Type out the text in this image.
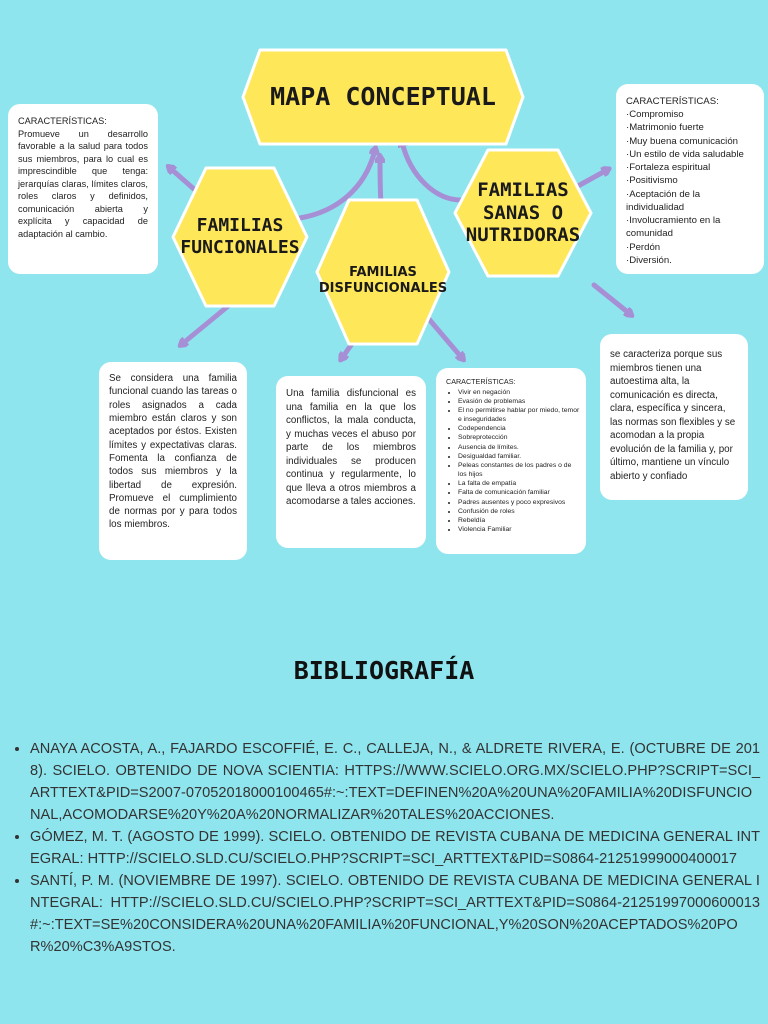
MAPA CONCEPTUAL
FAMILIAS
FUNCIONALES
FAMILIAS
SANAS O
NUTRIDORAS
FAMILIAS
DISFUNCIONALES
CARACTERÍSTICAS:
Promueve un desarrollo favorable a la salud para todos sus miembros, para lo cual es imprescindible que tenga: jerarquías claras, límites claros, roles claros y definidos, comunicación abierta y explícita y capacidad de adaptación al cambio.
CARACTERÍSTICAS:
·Compromiso
·Matrimonio fuerte
·Muy buena comunicación
·Un estilo de vida saludable
·Fortaleza espiritual
·Positivismo
·Aceptación de la individualidad
·Involucramiento en la comunidad
·Perdón
·Diversión.
Se considera una familia funcional cuando las tareas o roles asignados a cada miembro están claros y son aceptados por éstos. Existen límites y expectativas claras. Fomenta la confianza de todos sus miembros y la libertad de expresión. Promueve el cumplimiento de normas por y para todos los miembros.
Una familia disfuncional es una familia en la que los conflictos, la mala conducta, y muchas veces el abuso por parte de los miembros individuales se producen continua y regularmente, lo que lleva a otros miembros a acomodarse a tales acciones.
CARACTERÍSTICAS:
• Vivir en negación
• Evasión de problemas
• El no permitirse hablar por miedo, temor e inseguridades
• Codependencia
• Sobreprotección
• Ausencia de límites.
• Desigualdad familiar.
• Peleas constantes de los padres o de los hijos
• La falta de empatía
• Falta de comunicación familiar
• Padres ausentes y poco expresivos
• Confusión de roles
• Rebeldía
• Violencia Familiar
se caracteriza porque sus miembros tienen una autoestima alta, la comunicación es directa, clara, específica y sincera, las normas son flexibles y se acomodan a la propia evolución de la familia y, por último, mantiene un vínculo abierto y confiado
BIBLIOGRAFÍA
• ANAYA ACOSTA, A., FAJARDO ESCOFFIÉ, E. C., CALLEJA, N., & ALDRETE RIVERA, E. (OCTUBRE DE 2018). SCIELO. OBTENIDO DE NOVA SCIENTIA: HTTPS://WWW.SCIELO.ORG.MX/SCIELO.PHP?SCRIPT=SCI_ARTTEXT&PID=S2007-07052018000100465#:~:TEXT=DEFINEN%20A%20UNA%20FAMILIA%20DISFUNCIONAL,ACOMODARSE%20Y%20A%20NORMALIZAR%20TALES%20ACCIONES.
• GÓMEZ, M. T. (AGOSTO DE 1999). SCIELO. OBTENIDO DE REVISTA CUBANA DE MEDICINA GENERAL INTEGRAL: HTTP://SCIELO.SLD.CU/SCIELO.PHP?SCRIPT=SCI_ARTTEXT&PID=S0864-21251999000400017
• SANTÍ, P. M. (NOVIEMBRE DE 1997). SCIELO. OBTENIDO DE REVISTA CUBANA DE MEDICINA GENERAL INTEGRAL: HTTP://SCIELO.SLD.CU/SCIELO.PHP?SCRIPT=SCI_ARTTEXT&PID=S0864-21251997000600013#:~:TEXT=SE%20CONSIDERA%20UNA%20FAMILIA%20FUNCIONAL,Y%20SON%20ACEPTADOS%20POR%20%C3%A9STOS.
